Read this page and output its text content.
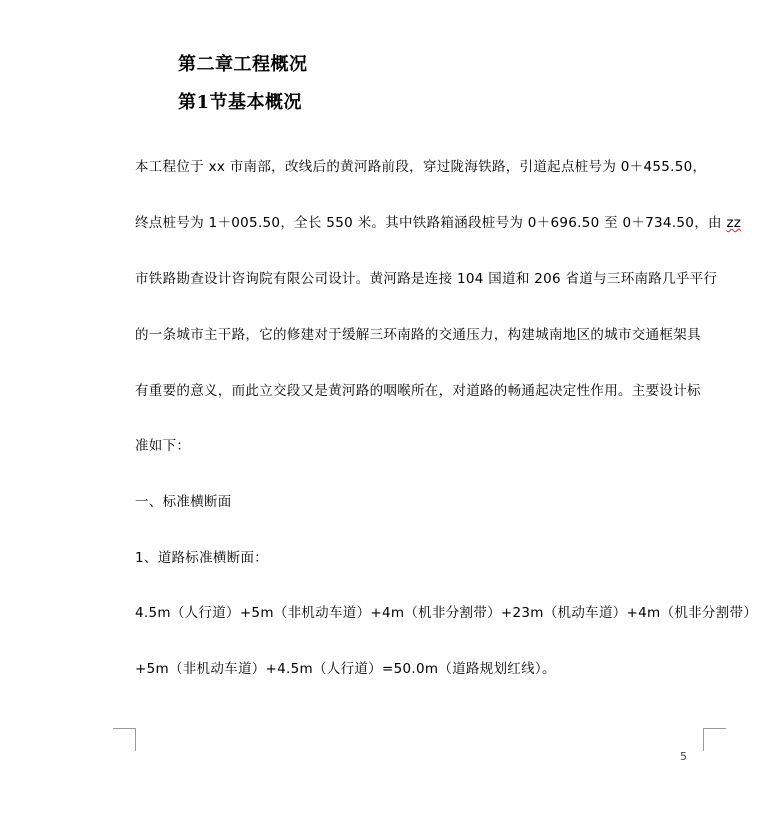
第二章工程概况
第1节基本概况
本工程位于 xx 市南部，改线后的黄河路前段，穿过陇海铁路，引道起点桩号为 0＋455.50，
终点桩号为 1＋005.50，全长 550 米。其中铁路箱涵段桩号为 0＋696.50 至 0＋734.50，由 zz
市铁路勘查设计咨询院有限公司设计。黄河路是连接 104 国道和 206 省道与三环南路几乎平行
的一条城市主干路，它的修建对于缓解三环南路的交通压力，构建城南地区的城市交通框架具
有重要的意义，而此立交段又是黄河路的咽喉所在，对道路的畅通起决定性作用。主要设计标
准如下：
一、标准横断面
1、道路标准横断面：
4.5m（人行道）+5m（非机动车道）+4m（机非分割带）+23m（机动车道）+4m（机非分割带）
+5m（非机动车道）+4.5m（人行道）=50.0m（道路规划红线）。
5
